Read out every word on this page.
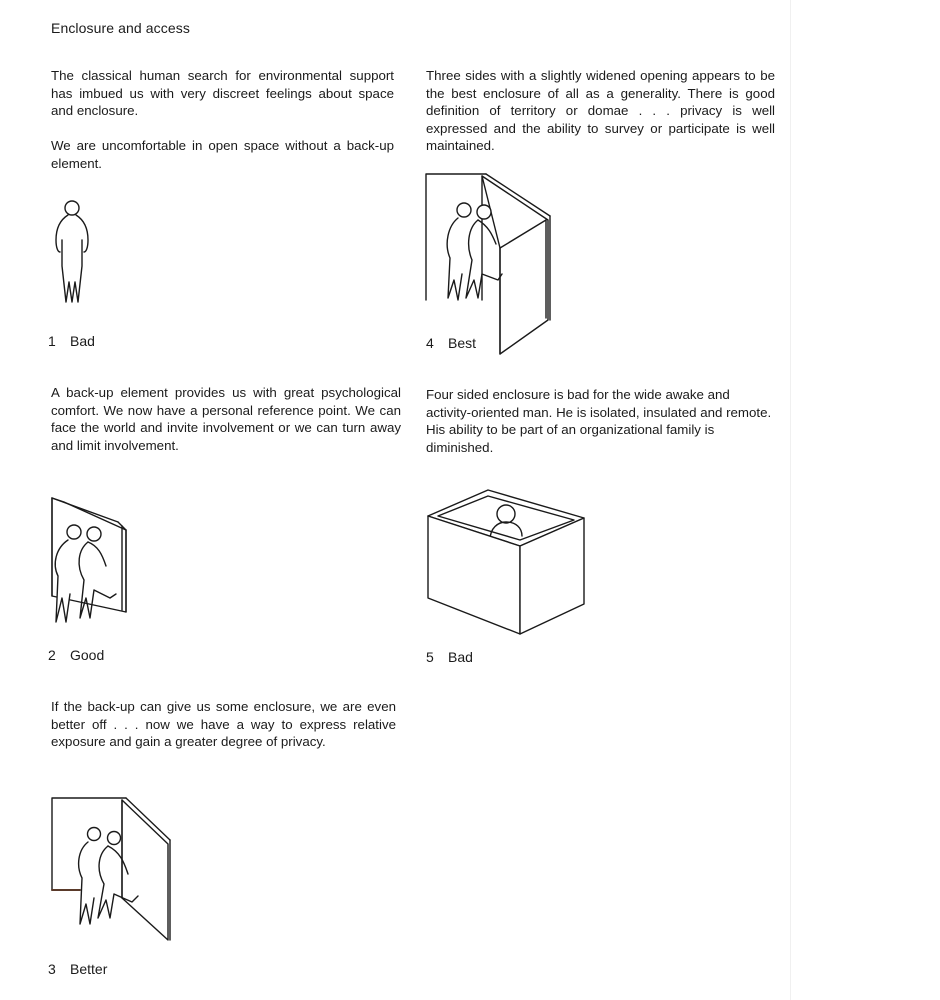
Enclosure and access

The classical human search for environmental support has imbued us with very discreet feelings about space and enclosure.

We are uncomfortable in open space without a back-up element.

1 Bad

A back-up element provides us with great psychological comfort. We now have a personal reference point. We can face the world and invite involvement or we can turn away and limit involvement.

2 Good

If the back-up can give us some enclosure, we are even better off . . . now we have a way to express relative exposure and gain a greater degree of privacy.

3 Better

Three sides with a slightly widened opening appears to be the best enclosure of all as a generality. There is good definition of territory or domae . . . privacy is well expressed and the ability to survey or participate is well maintained.

4 Best

Four sided enclosure is bad for the wide awake and activity-oriented man. He is isolated, insulated and remote. His ability to be part of an organizational family is diminished.

5 Bad
